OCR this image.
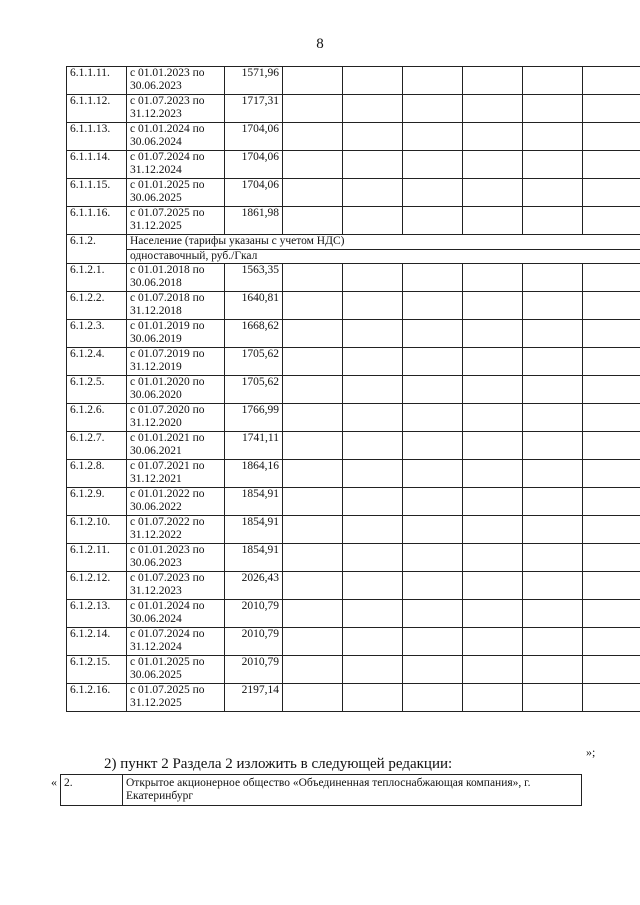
8
6.1.1.11.	с 01.01.2023 по 30.06.2023	1571,96						
6.1.1.12.	с 01.07.2023 по 31.12.2023	1717,31						
6.1.1.13.	с 01.01.2024 по 30.06.2024	1704,06						
6.1.1.14.	с 01.07.2024 по 31.12.2024	1704,06						
6.1.1.15.	с 01.01.2025 по 30.06.2025	1704,06						
6.1.1.16.	с 01.07.2025 по 31.12.2025	1861,98						
6.1.2.	Население (тарифы указаны с учетом НДС)							
	одноставочный, руб./Гкал							
6.1.2.1.	с 01.01.2018 по 30.06.2018	1563,35						
6.1.2.2.	с 01.07.2018 по 31.12.2018	1640,81						
6.1.2.3.	с 01.01.2019 по 30.06.2019	1668,62						
6.1.2.4.	с 01.07.2019 по 31.12.2019	1705,62						
6.1.2.5.	с 01.01.2020 по 30.06.2020	1705,62						
6.1.2.6.	с 01.07.2020 по 31.12.2020	1766,99						
6.1.2.7.	с 01.01.2021 по 30.06.2021	1741,11						
6.1.2.8.	с 01.07.2021 по 31.12.2021	1864,16						
6.1.2.9.	с 01.01.2022 по 30.06.2022	1854,91						
6.1.2.10.	с 01.07.2022 по 31.12.2022	1854,91						
6.1.2.11.	с 01.01.2023 по 30.06.2023	1854,91						
6.1.2.12.	с 01.07.2023 по 31.12.2023	2026,43						
6.1.2.13.	с 01.01.2024 по 30.06.2024	2010,79						
6.1.2.14.	с 01.07.2024 по 31.12.2024	2010,79						
6.1.2.15.	с 01.01.2025 по 30.06.2025	2010,79						
6.1.2.16.	с 01.07.2025 по 31.12.2025	2197,14						
»;
2) пункт 2 Раздела 2 изложить в следующей редакции:
« 2.	Открытое акционерное общество «Объединенная теплоснабжающая компания», г. Екатеринбург
